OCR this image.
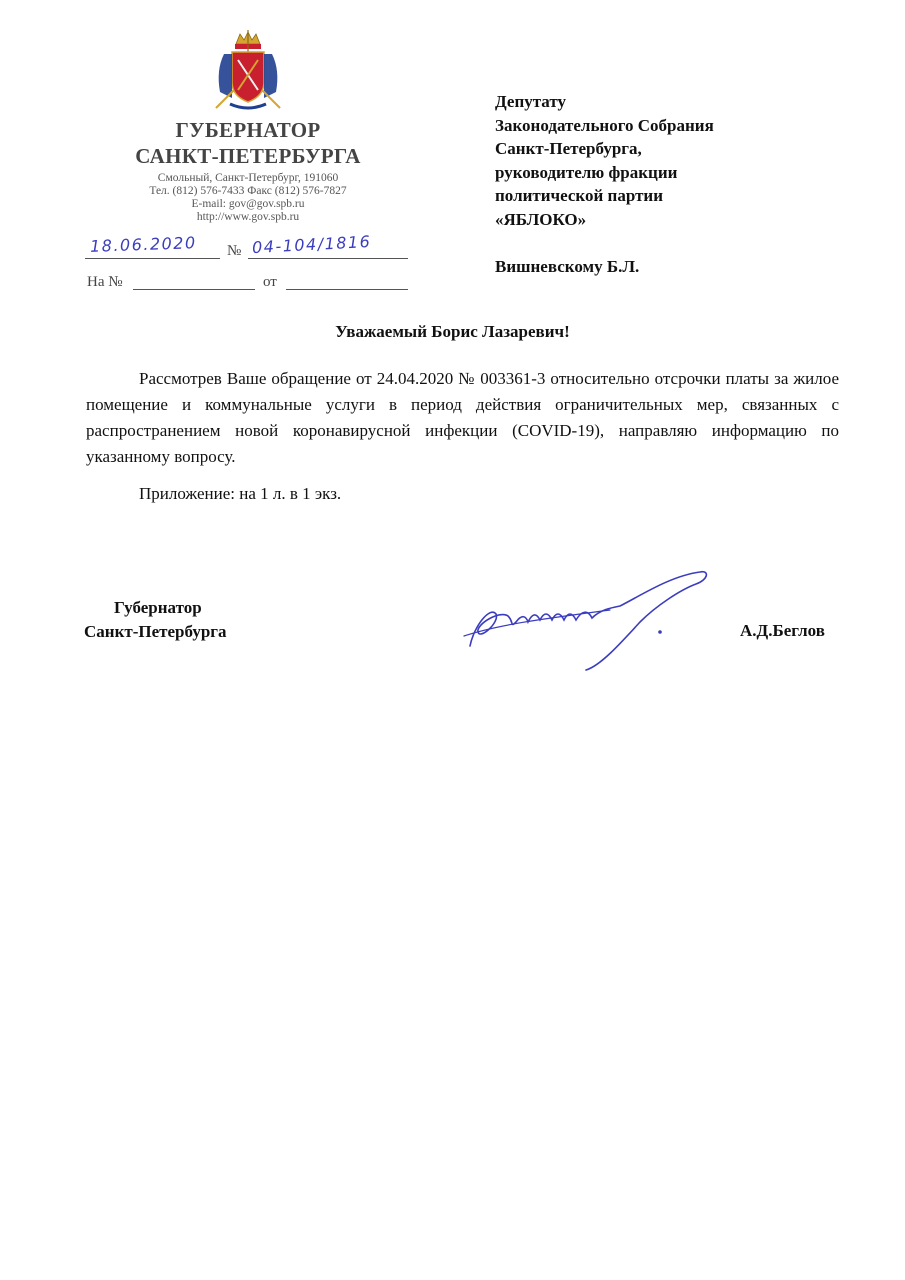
ГУБЕРНАТОР
САНКТ-ПЕТЕРБУРГА
Смольный, Санкт-Петербург, 191060
Тел. (812) 576-7433 Факс (812) 576-7827
E-mail: gov@gov.spb.ru
http://www.gov.spb.ru
18.06.2020 № 04-104/1816
На №	от
Депутату
Законодательного Собрания
Санкт-Петербурга,
руководителю фракции
политической партии
«ЯБЛОКО»
Вишневскому Б.Л.
Уважаемый Борис Лазаревич!
Рассмотрев Ваше обращение от 24.04.2020 № 003361-3 относительно отсрочки платы за жилое помещение и коммунальные услуги в период действия ограничительных мер, связанных с распространением новой коронавирусной инфекции (COVID-19), направляю информацию по указанному вопросу.
Приложение: на 1 л. в 1 экз.
Губернатор
Санкт-Петербурга	А.Д.Беглов
